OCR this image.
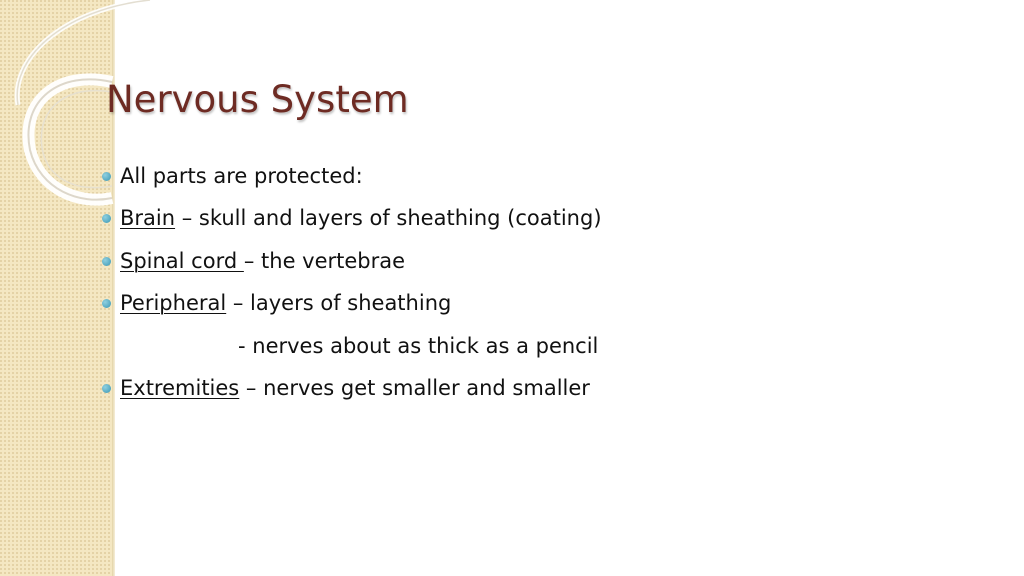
Nervous System
All parts are protected:
Brain – skull and layers of sheathing (coating)
Spinal cord – the vertebrae
Peripheral – layers of sheathing
- nerves about as thick as a pencil
Extremities – nerves get smaller and smaller
